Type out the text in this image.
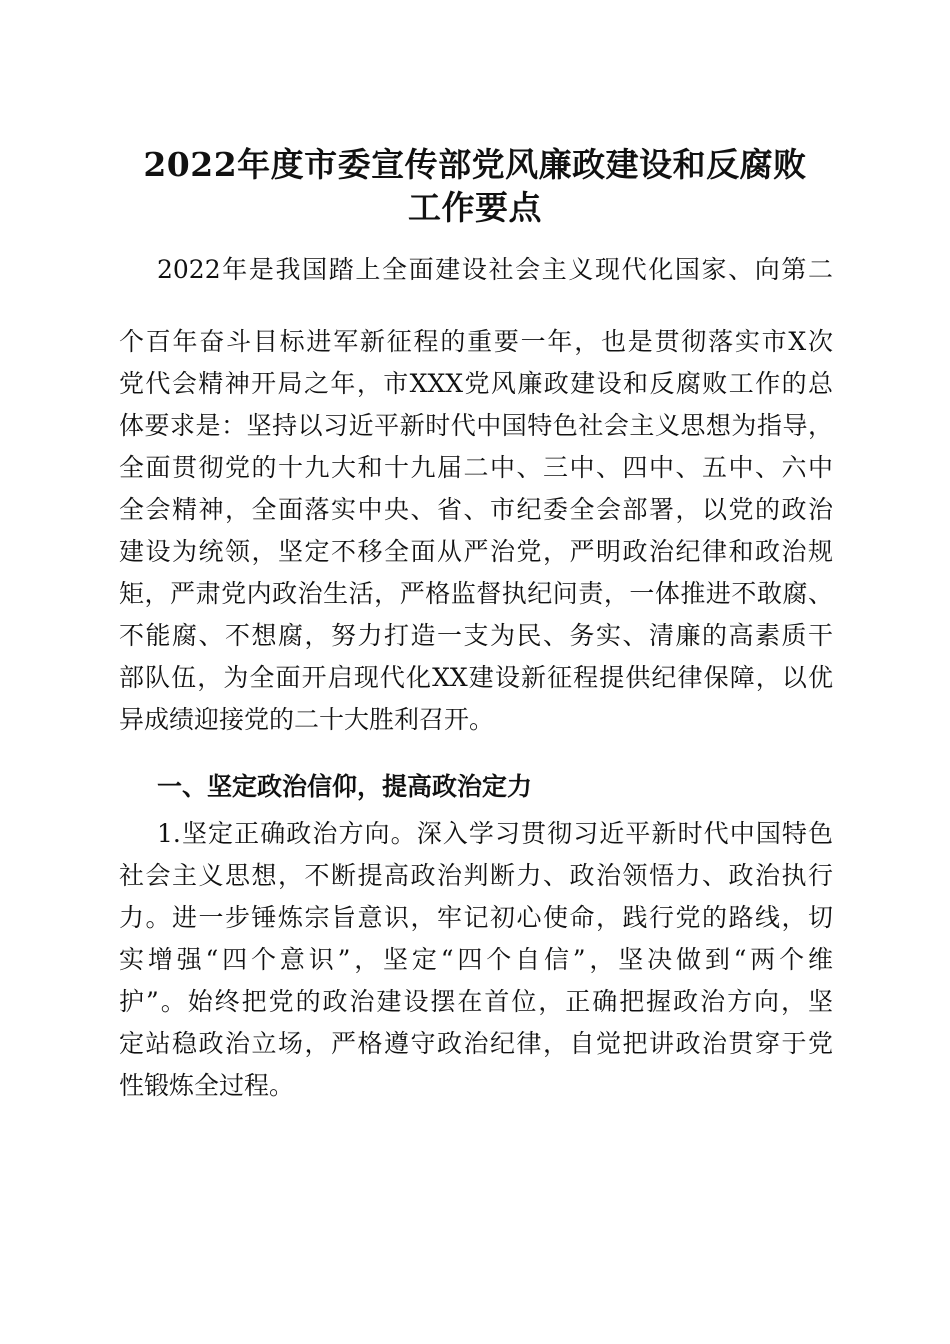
2022年度市委宣传部党风廉政建设和反腐败
工作要点
2022年是我国踏上全面建设社会主义现代化国家、向第二
个百年奋斗目标进军新征程的重要一年，也是贯彻落实市X次
党代会精神开局之年，市XXX党风廉政建设和反腐败工作的总
体要求是：坚持以习近平新时代中国特色社会主义思想为指导，
全面贯彻党的十九大和十九届二中、三中、四中、五中、六中
全会精神，全面落实中央、省、市纪委全会部署，以党的政治
建设为统领，坚定不移全面从严治党，严明政治纪律和政治规
矩，严肃党内政治生活，严格监督执纪问责，一体推进不敢腐、
不能腐、不想腐，努力打造一支为民、务实、清廉的高素质干
部队伍，为全面开启现代化XX建设新征程提供纪律保障，以优
异成绩迎接党的二十大胜利召开。
一、坚定政治信仰，提高政治定力
1.坚定正确政治方向。深入学习贯彻习近平新时代中国特色
社会主义思想，不断提高政治判断力、政治领悟力、政治执行
力。进一步锤炼宗旨意识，牢记初心使命，践行党的路线，切
实增强“四个意识”，坚定“四个自信”，坚决做到“两个维
护”。始终把党的政治建设摆在首位，正确把握政治方向，坚
定站稳政治立场，严格遵守政治纪律，自觉把讲政治贯穿于党
性锻炼全过程。
